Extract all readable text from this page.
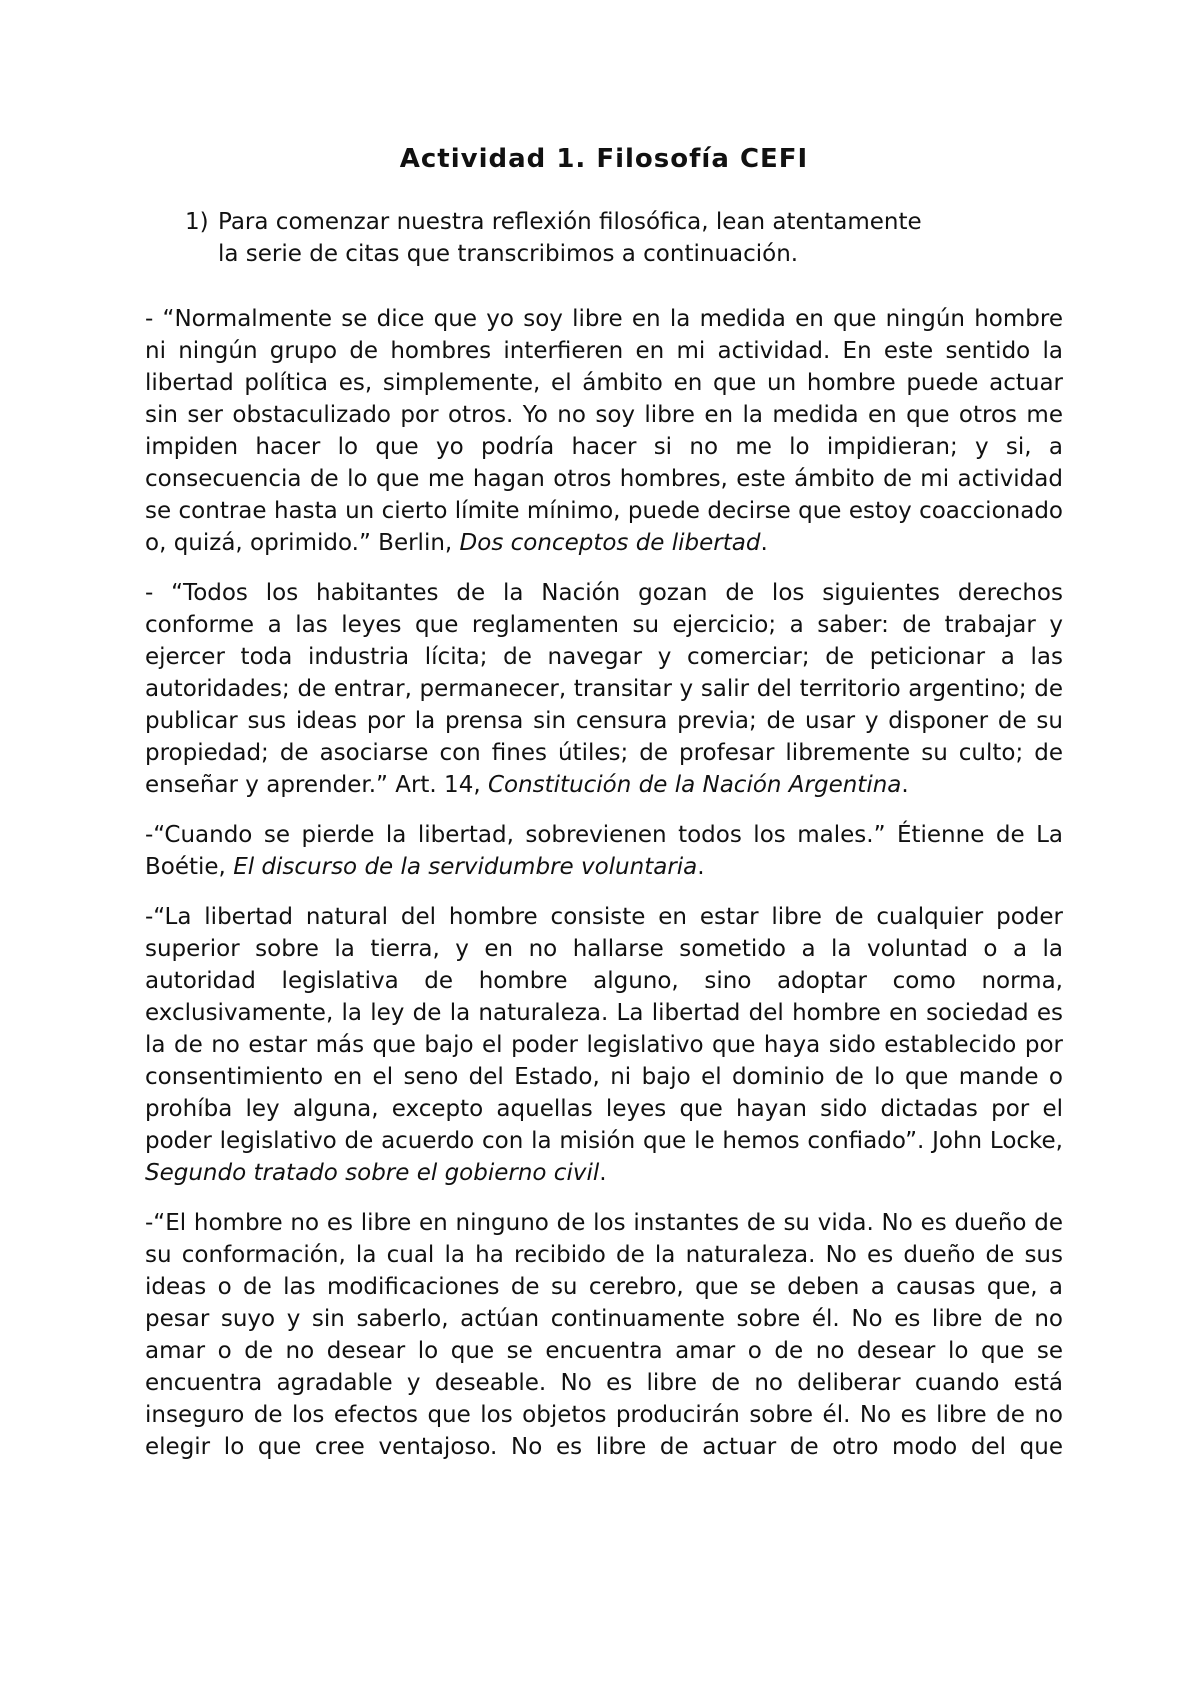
Actividad 1. Filosofía CEFI
1) Para comenzar nuestra reflexión filosófica, lean atentamente la serie de citas que transcribimos a continuación.

- “Normalmente se dice que yo soy libre en la medida en que ningún hombre ni ningún grupo de hombres interfieren en mi actividad. En este sentido la libertad política es, simplemente, el ámbito en que un hombre puede actuar sin ser obstaculizado por otros. Yo no soy libre en la medida en que otros me impiden hacer lo que yo podría hacer si no me lo impidieran; y si, a consecuencia de lo que me hagan otros hombres, este ámbito de mi actividad se contrae hasta un cierto límite mínimo, puede decirse que estoy coaccionado o, quizá, oprimido.” Berlin, Dos conceptos de libertad.

- “Todos los habitantes de la Nación gozan de los siguientes derechos conforme a las leyes que reglamenten su ejercicio; a saber: de trabajar y ejercer toda industria lícita; de navegar y comerciar; de peticionar a las autoridades; de entrar, permanecer, transitar y salir del territorio argentino; de publicar sus ideas por la prensa sin censura previa; de usar y disponer de su propiedad; de asociarse con fines útiles; de profesar libremente su culto; de enseñar y aprender.” Art. 14, Constitución de la Nación Argentina.

-“Cuando se pierde la libertad, sobrevienen todos los males.” Étienne de La Boétie, El discurso de la servidumbre voluntaria.

-“La libertad natural del hombre consiste en estar libre de cualquier poder superior sobre la tierra, y en no hallarse sometido a la voluntad o a la autoridad legislativa de hombre alguno, sino adoptar como norma, exclusivamente, la ley de la naturaleza. La libertad del hombre en sociedad es la de no estar más que bajo el poder legislativo que haya sido establecido por consentimiento en el seno del Estado, ni bajo el dominio de lo que mande o prohíba ley alguna, excepto aquellas leyes que hayan sido dictadas por el poder legislativo de acuerdo con la misión que le hemos confiado”. John Locke, Segundo tratado sobre el gobierno civil.

-“El hombre no es libre en ninguno de los instantes de su vida. No es dueño de su conformación, la cual la ha recibido de la naturaleza. No es dueño de sus ideas o de las modificaciones de su cerebro, que se deben a causas que, a pesar suyo y sin saberlo, actúan continuamente sobre él. No es libre de no amar o de no desear lo que se encuentra amar o de no desear lo que se encuentra agradable y deseable. No es libre de no deliberar cuando está inseguro de los efectos que los objetos producirán sobre él. No es libre de no elegir lo que cree ventajoso. No es libre de actuar de otro modo del que
